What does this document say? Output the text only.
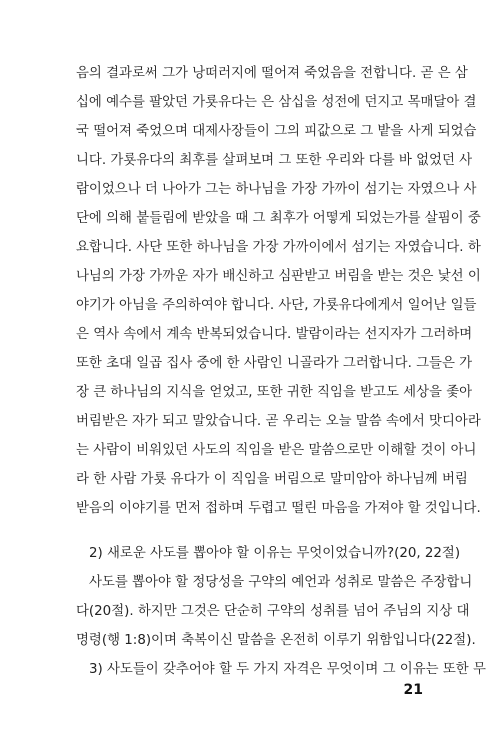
음의 결과로써 그가 낭떠러지에 떨어져 죽었음을 전합니다. 곧 은 삼
십에 예수를 팔았던 가룟유다는 은 삼십을 성전에 던지고 목매달아 결
국 떨어져 죽었으며 대제사장들이 그의 피값으로 그 밭을 사게 되었습
니다. 가룟유다의 최후를 살펴보며 그 또한 우리와 다를 바 없었던 사
람이었으나 더 나아가 그는 하나님을 가장 가까이 섬기는 자였으나 사
단에 의해 붙들림에 받았을 때 그 최후가 어떻게 되었는가를 살핌이 중
요합니다. 사단 또한 하나님을 가장 가까이에서 섬기는 자였습니다. 하
나님의 가장 가까운 자가 배신하고 심판받고 버림을 받는 것은 낯선 이
야기가 아님을 주의하여야 합니다. 사단, 가룟유다에게서 일어난 일들
은 역사 속에서 계속 반복되었습니다. 발람이라는 선지자가 그러하며
또한 초대 일곱 집사 중에 한 사람인 니골라가 그러합니다. 그들은 가
장 큰 하나님의 지식을 얻었고, 또한 귀한 직임을 받고도 세상을 좇아
버림받은 자가 되고 말았습니다. 곧 우리는 오늘 말씀 속에서 맛디아라
는 사람이 비워있던 사도의 직임을 받은 말씀으로만 이해할 것이 아니
라 한 사람 가룟 유다가 이 직임을 버림으로 말미암아 하나님께 버림
받음의 이야기를 먼저 접하며 두렵고 떨린 마음을 가져야 할 것입니다.
2) 새로운 사도를 뽑아야 할 이유는 무엇이었습니까?(20, 22절)
사도를 뽑아야 할 정당성을 구약의 예언과 성취로 말씀은 주장합니
다(20절). 하지만 그것은 단순히 구약의 성취를 넘어 주님의 지상 대
명령(행 1:8)이며 축복이신 말씀을 온전히 이루기 위함입니다(22절).
3) 사도들이 갖추어야 할 두 가지 자격은 무엇이며 그 이유는 또한 무
21
